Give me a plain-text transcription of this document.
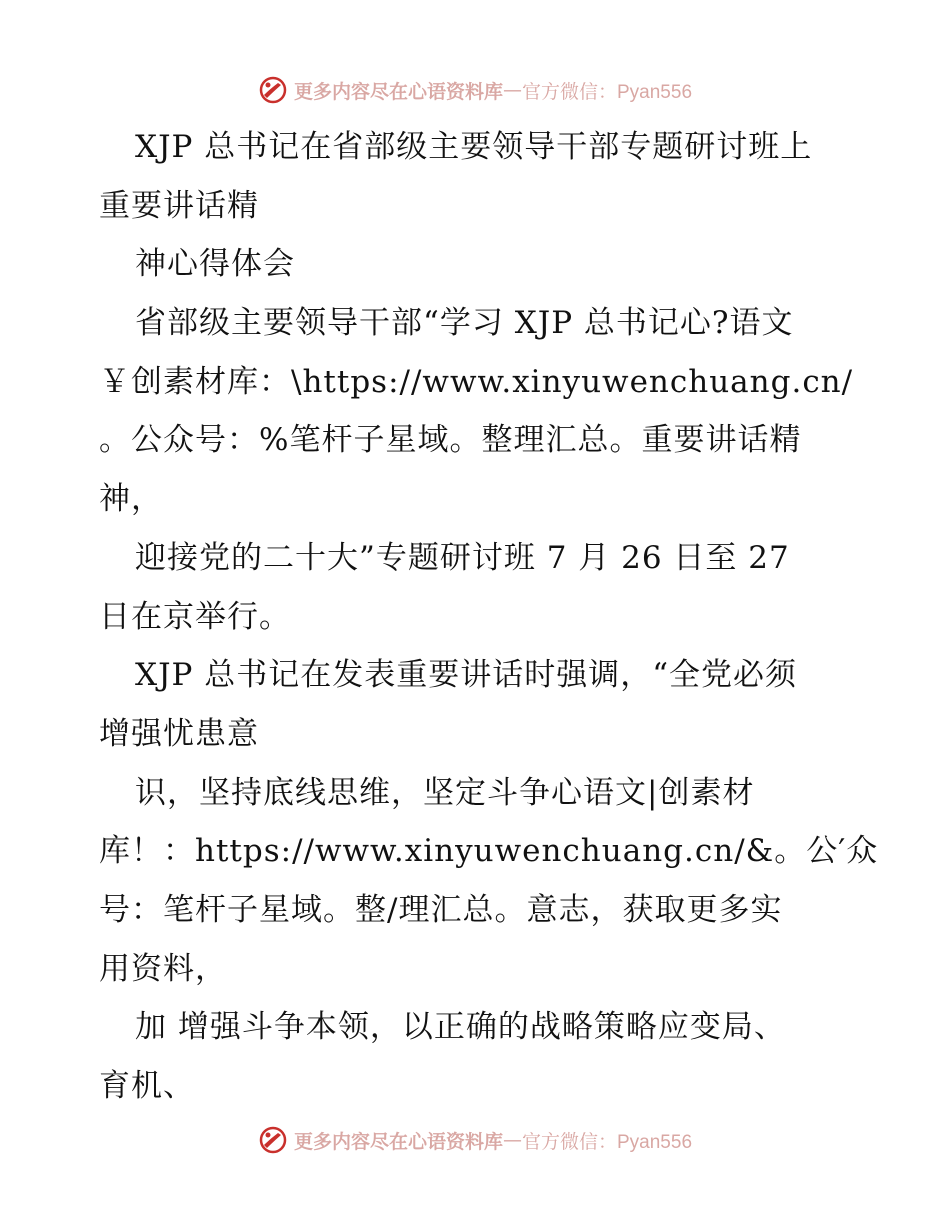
更多内容尽在心语资料库 — 官方微信：Pyan556
XJP 总书记在省部级主要领导干部专题研讨班上
重要讲话精
神心得体会
省部级主要领导干部“学习 XJP 总书记心?语文
￥创素材库：\https://www.xinyuwenchuang.cn/
。公众号：%笔杆子星域。整理汇总。重要讲话精
神，
迎接党的二十大”专题研讨班 7 月 26 日至 27
日在京举行。
XJP 总书记在发表重要讲话时强调，“全党必须
增强忧患意
识，坚持底线思维，坚定斗争心语文|创素材
库！：https://www.xinyuwenchuang.cn/&。公′众
号：笔杆子星域。整/理汇总。意志，获取更多实
用资料，
加 增强斗争本领，以正确的战略策略应变局、
育机、
更多内容尽在心语资料库 — 官方微信：Pyan556
